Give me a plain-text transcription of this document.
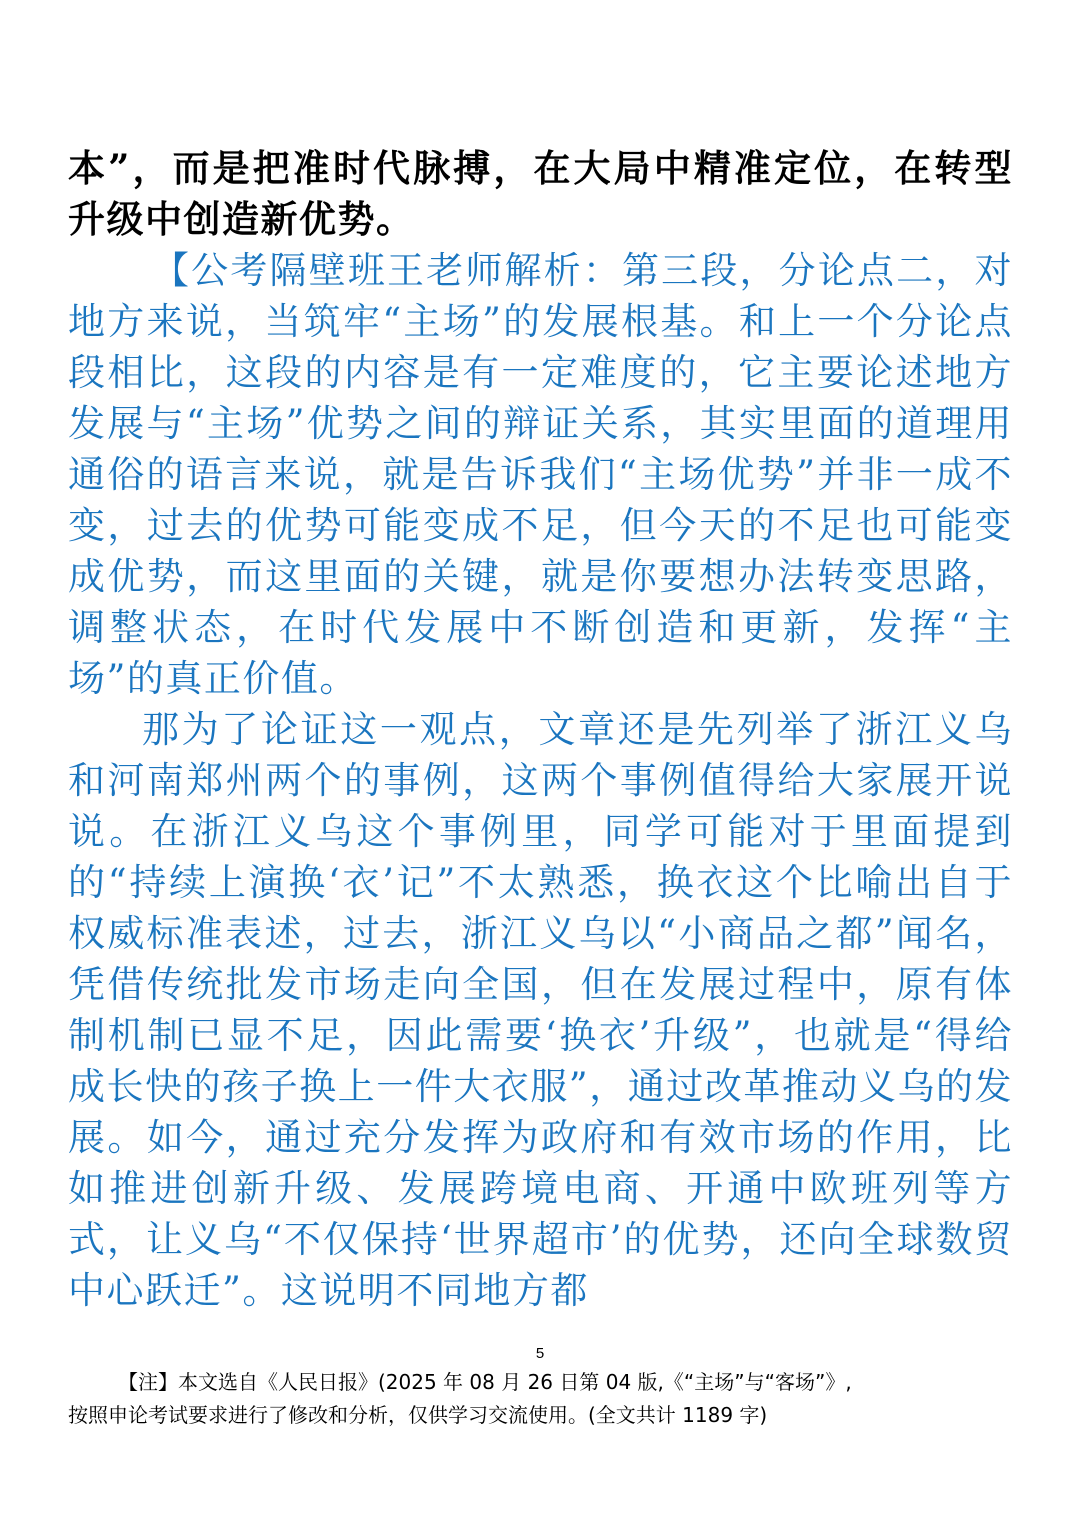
本”，而是把准时代脉搏，在大局中精准定位，在转型升级中创造新优势。

【公考隔壁班王老师解析：第三段，分论点二，对地方来说，当筑牢“主场”的发展根基。和上一个分论点段相比，这段的内容是有一定难度的，它主要论述地方发展与“主场”优势之间的辩证关系，其实里面的道理用通俗的语言来说，就是告诉我们“主场优势”并非一成不变，过去的优势可能变成不足，但今天的不足也可能变成优势，而这里面的关键，就是你要想办法转变思路，调整状态，在时代发展中不断创造和更新，发挥“主场”的真正价值。

那为了论证这一观点，文章还是先列举了浙江义乌和河南郑州两个的事例，这两个事例值得给大家展开说说。在浙江义乌这个事例里，同学可能对于里面提到的“持续上演换‘衣’记”不太熟悉，换衣这个比喻出自于权威标准表述，过去，浙江义乌以“小商品之都”闻名，凭借传统批发市场走向全国，但在发展过程中，原有体制机制已显不足，因此需要‘换衣’升级”，也就是“得给成长快的孩子换上一件大衣服”，通过改革推动义乌的发展。如今，通过充分发挥为政府和有效市场的作用，比如推进创新升级、发展跨境电商、开通中欧班列等方式，让义乌“不仅保持‘世界超市’的优势，还向全球数贸中心跃迁”。这说明不同地方都

5
【注】本文选自《人民日报》(2025 年 08 月 26 日第 04 版,《“主场”与“客场”》,
按照申论考试要求进行了修改和分析，仅供学习交流使用。(全文共计 1189 字)
